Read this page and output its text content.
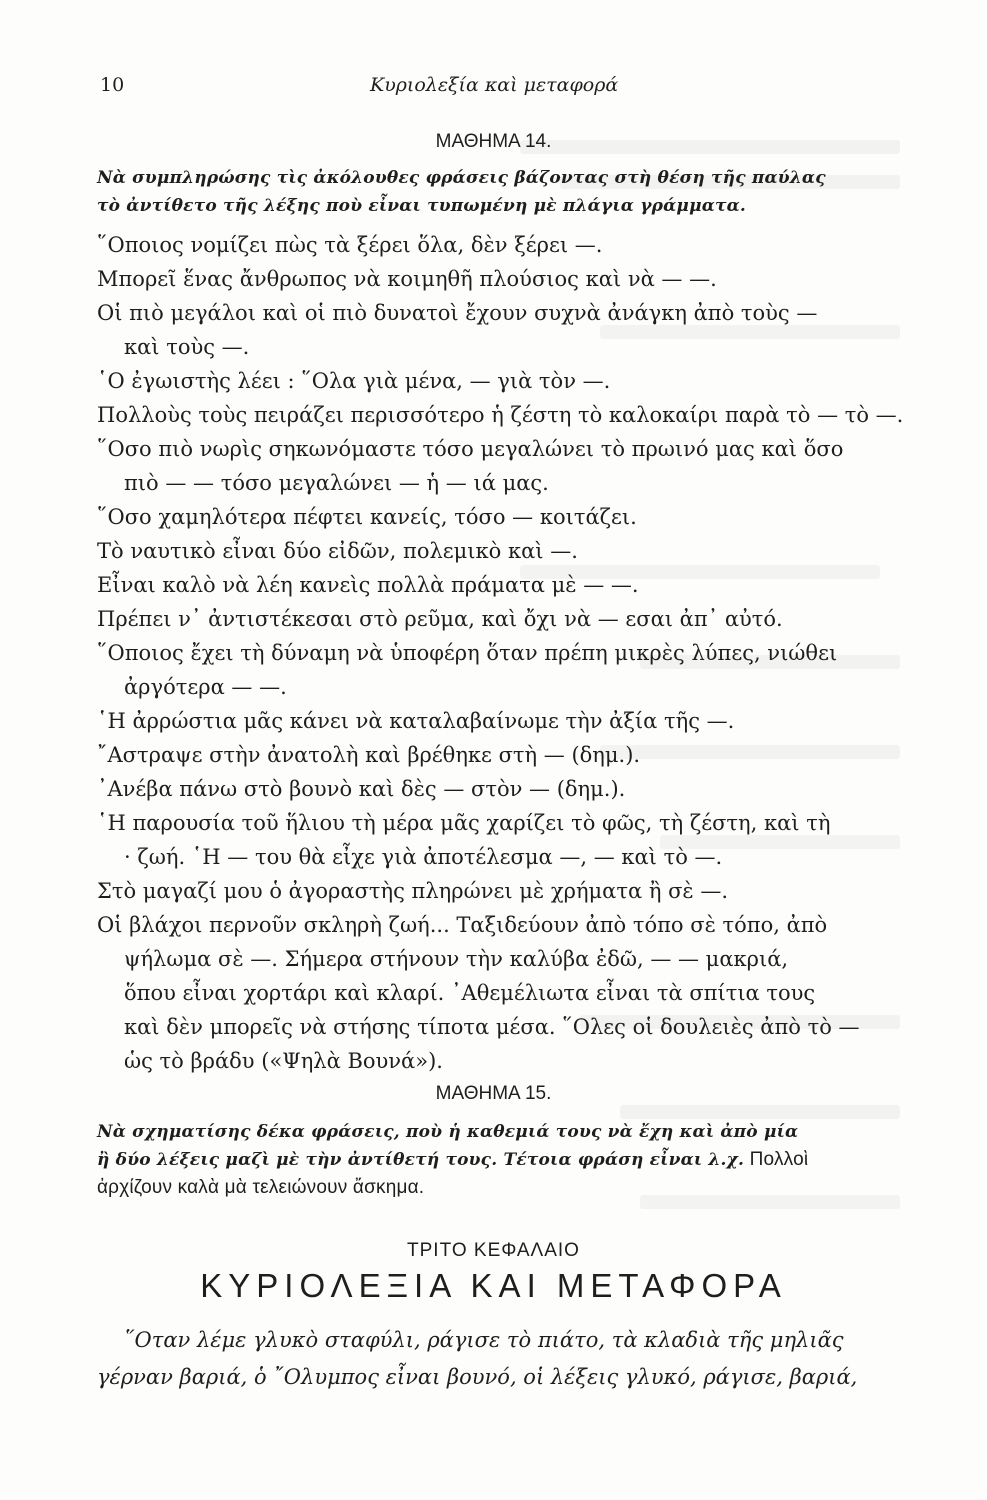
10	Κυριολεξία καὶ μεταφορά
ΜΑΘΗΜΑ 14.
Νὰ συμπληρώσης τὶς ἀκόλουθες φράσεις βάζοντας στὴ θέση τῆς παύλας
τὸ ἀντίθετο τῆς λέξης ποὺ εἶναι τυπωμένη μὲ πλάγια γράμματα.
῞Οποιος νομίζει πὼς τὰ ξέρει ὅλα, δὲν ξέρει —.
Μπορεῖ ἕνας ἄνθρωπος νὰ κοιμηθῆ πλούσιος καὶ νὰ — —.
Οἱ πιὸ μεγάλοι καὶ οἱ πιὸ δυνατοὶ ἔχουν συχνὰ ἀνάγκη ἀπὸ τοὺς —
καὶ τοὺς —.
῾Ο ἐγωιστὴς λέει : ῞Ολα γιὰ μένα, — γιὰ τὸν —.
Πολλοὺς τοὺς πειράζει περισσότερο ἡ ζέστη τὸ καλοκαίρι παρὰ τὸ — τὸ —.
῞Οσο πιὸ νωρὶς σηκωνόμαστε τόσο μεγαλώνει τὸ πρωινό μας καὶ ὅσο
πιὸ — — τόσο μεγαλώνει — ἡ — ιά μας.
῞Οσο χαμηλότερα πέφτει κανείς, τόσο — κοιτάζει.
Τὸ ναυτικὸ εἶναι δύο εἰδῶν, πολεμικὸ καὶ —.
Εἶναι καλὸ νὰ λέη κανεὶς πολλὰ πράματα μὲ — —.
Πρέπει ν᾿ ἀντιστέκεσαι στὸ ρεῦμα, καὶ ὄχι νὰ — εσαι ἀπ᾿ αὐτό.
῞Οποιος ἔχει τὴ δύναμη νὰ ὑποφέρη ὅταν πρέπη μικρὲς λύπες, νιώθει
ἀργότερα — —.
῾Η ἀρρώστια μᾶς κάνει νὰ καταλαβαίνωμε τὴν ἀξία τῆς —.
῎Αστραψε στὴν ἀνατολὴ καὶ βρέθηκε στὴ — (δημ.).
᾿Ανέβα πάνω στὸ βουνὸ καὶ δὲς — στὸν — (δημ.).
῾Η παρουσία τοῦ ἥλιου τὴ μέρα μᾶς χαρίζει τὸ φῶς, τὴ ζέστη, καὶ τὴ
· ζωή. ῾Η — του θὰ εἶχε γιὰ ἀποτέλεσμα —, — καὶ τὸ —.
Στὸ μαγαζί μου ὁ ἀγοραστὴς πληρώνει μὲ χρήματα ἢ σὲ —.
Οἱ βλάχοι περνοῦν σκληρὴ ζωή... Ταξιδεύουν ἀπὸ τόπο σὲ τόπο, ἀπὸ
ψήλωμα σὲ —. Σήμερα στήνουν τὴν καλύβα ἐδῶ, — — μακριά,
ὅπου εἶναι χορτάρι καὶ κλαρί. ᾿Αθεμέλιωτα εἶναι τὰ σπίτια τους
καὶ δὲν μπορεῖς νὰ στήσης τίποτα μέσα. ῞Ολες οἱ δουλειὲς ἀπὸ τὸ —
ὡς τὸ βράδυ («Ψηλὰ Βουνά»).
ΜΑΘΗΜΑ 15.
Νὰ σχηματίσης δέκα φράσεις, ποὺ ἡ καθεμιά τους νὰ ἔχη καὶ ἀπὸ μία
ἢ δύο λέξεις μαζὶ μὲ τὴν ἀντίθετή τους. Τέτοια φράση εἶναι λ.χ. Πολλοὶ
ἀρχίζουν καλὰ μὰ τελειώνουν ἄσκημα.
ΤΡΙΤΟ ΚΕΦΑΛΑΙΟ
ΚΥΡΙΟΛΕΞΙΑ ΚΑΙ ΜΕΤΑΦΟΡΑ
῞Οταν λέμε γλυκὸ σταφύλι, ράγισε τὸ πιάτο, τὰ κλαδιὰ τῆς μηλιᾶς
γέρναν βαριά, ὁ ῎Ολυμπος εἶναι βουνό, οἱ λέξεις γλυκό, ράγισε, βαριά,
